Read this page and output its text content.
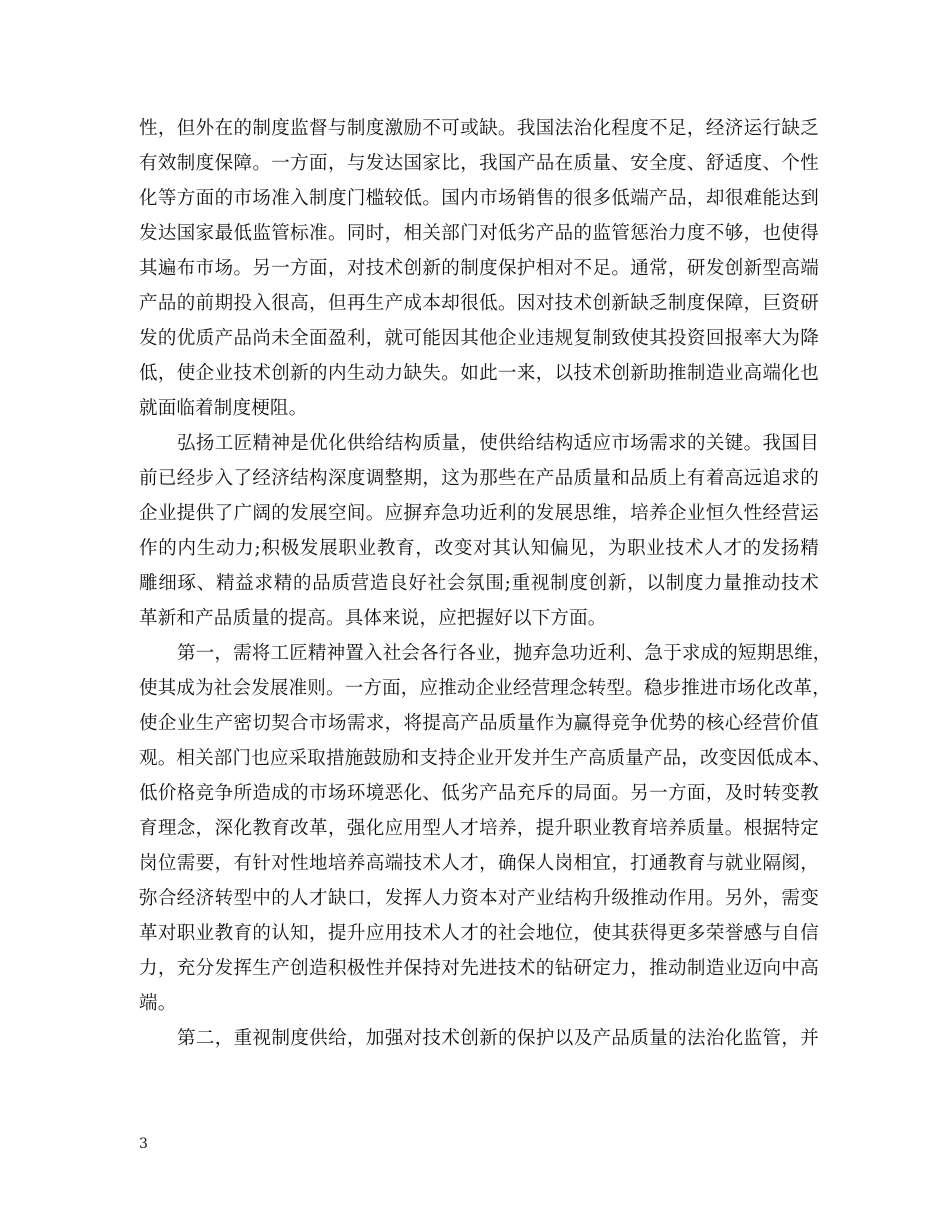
性，但外在的制度监督与制度激励不可或缺。我国法治化程度不足，经济运行缺乏
有效制度保障。一方面，与发达国家比，我国产品在质量、安全度、舒适度、个性
化等方面的市场准入制度门槛较低。国内市场销售的很多低端产品，却很难能达到
发达国家最低监管标准。同时，相关部门对低劣产品的监管惩治力度不够，也使得
其遍布市场。另一方面，对技术创新的制度保护相对不足。通常，研发创新型高端
产品的前期投入很高，但再生产成本却很低。因对技术创新缺乏制度保障，巨资研
发的优质产品尚未全面盈利，就可能因其他企业违规复制致使其投资回报率大为降
低，使企业技术创新的内生动力缺失。如此一来，以技术创新助推制造业高端化也
就面临着制度梗阻。
弘扬工匠精神是优化供给结构质量，使供给结构适应市场需求的关键。我国目
前已经步入了经济结构深度调整期，这为那些在产品质量和品质上有着高远追求的
企业提供了广阔的发展空间。应摒弃急功近利的发展思维，培养企业恒久性经营运
作的内生动力;积极发展职业教育，改变对其认知偏见，为职业技术人才的发扬精
雕细琢、精益求精的品质营造良好社会氛围;重视制度创新，以制度力量推动技术
革新和产品质量的提高。具体来说，应把握好以下方面。
第一，需将工匠精神置入社会各行各业，抛弃急功近利、急于求成的短期思维，
使其成为社会发展准则。一方面，应推动企业经营理念转型。稳步推进市场化改革，
使企业生产密切契合市场需求，将提高产品质量作为赢得竞争优势的核心经营价值
观。相关部门也应采取措施鼓励和支持企业开发并生产高质量产品，改变因低成本、
低价格竞争所造成的市场环境恶化、低劣产品充斥的局面。另一方面，及时转变教
育理念，深化教育改革，强化应用型人才培养，提升职业教育培养质量。根据特定
岗位需要，有针对性地培养高端技术人才，确保人岗相宜，打通教育与就业隔阂，
弥合经济转型中的人才缺口，发挥人力资本对产业结构升级推动作用。另外，需变
革对职业教育的认知，提升应用技术人才的社会地位，使其获得更多荣誉感与自信
力，充分发挥生产创造积极性并保持对先进技术的钻研定力，推动制造业迈向中高
端。
第二，重视制度供给，加强对技术创新的保护以及产品质量的法治化监管，并
3
